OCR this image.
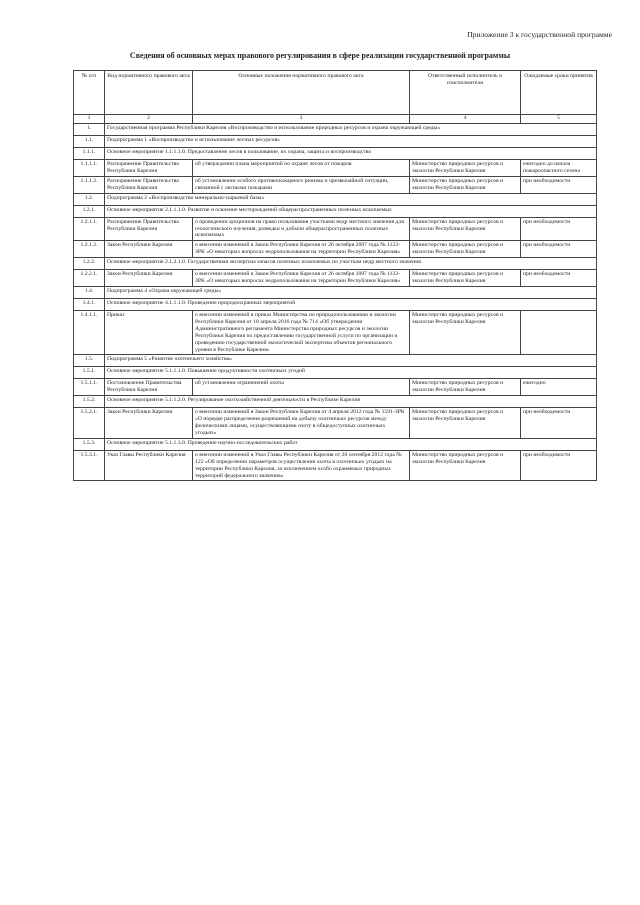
Приложение 3 к государственной программе
Сведения об основных мерах правового регулирования в сфере реализации государственной программы
№ п/п	Вид нормативного правового акта	Основные положения нормативного правового акта	Ответственный исполнитель и соисполнители	Ожидаемые сроки принятия
1	2	3	4	5
1.	Государственная программа Республики Карелия «Воспроизводство и использование природных ресурсов и охрана окружающей среды»			
1.1.	Подпрограмма 1 «Воспроизводство и использование лесных ресурсов»			
1.1.1.	Основное мероприятие 1.1.1.1.0. Предоставление лесов в пользование, их охрана, защита и воспроизводство			
1.1.1.1.	Распоряжение Правительства Республики Карелия	об утверждении плана мероприятий по охране лесов от пожаров	Министерство природных ресурсов и экологии Республики Карелия	ежегодно до начала пожароопасного сезона
1.1.1.2.	Распоряжение Правительства Республики Карелия	об установлении особого противопожарного режима и чрезвычайной ситуации, связанной с лесными пожарами	Министерство природных ресурсов и экологии Республики Карелия	при необходимости
1.2.	Подпрограмма 2 «Воспроизводство минерально-сырьевой базы»			
1.2.1.	Основное мероприятие 2.1.1.1.0. Развитие и освоение месторождений общераспространенных полезных ископаемых			
1.2.1.1.	Распоряжение Правительства Республики Карелия	о проведении аукционов на право пользования участками недр местного значения для геологического изучения, разведки и добычи общераспространенных полезных ископаемых	Министерство природных ресурсов и экологии Республики Карелия	при необходимости
1.2.1.2.	Закон Республики Карелия	о внесении изменений в Закон Республики Карелия от 26 октября 2007 года № 1122-ЗРК «О некоторых вопросах недропользования на территории Республики Карелия»	Министерство природных ресурсов и экологии Республики Карелия	при необходимости
1.2.2.	Основное мероприятие 2.1.2.1.0. Государственная экспертиза запасов полезных ископаемых по участкам недр местного значения			
1.2.2.1.	Закон Республики Карелия	о внесении изменений в Закон Республики Карелия от 26 октября 2007 года № 1122-ЗРК «О некоторых вопросах недропользования на территории Республики Карелия»	Министерство природных ресурсов и экологии Республики Карелия	при необходимости
1.4.	Подпрограмма 4 «Охрана окружающей среды»			
1.4.1.	Основное мероприятие 4.1.1.1.0. Проведение природоохранных мероприятий			
1.4.1.1.	Приказ	о внесении изменений в приказ Министерства по природопользованию и экологии Республики Карелия от 18 апреля 2016 года № 714 «Об утверждении Административного регламента Министерства природных ресурсов и экологии Республики Карелия по предоставлению государственной услуги по организации и проведению государственной экологической экспертизы объектов регионального уровня в Республике Карелия»	Министерство природных ресурсов и экологии Республики Карелия	
1.5.	Подпрограмма 5 «Развитие охотничьего хозяйства»			
1.5.1.	Основное мероприятие 5.1.1.1.0. Повышение продуктивности охотничьих угодий			
1.5.1.1.	Постановление Правительства Республики Карелия	об установлении ограничений охоты	Министерство природных ресурсов и экологии Республики Карелия	ежегодно
1.5.2.	Основное мероприятие 5.1.1.2.0. Регулирование охотхозяйственной деятельности в Республике Карелия			
1.5.2.1.	Закон Республики Карелия	о внесении изменений в Закон Республики Карелия от 4 апреля 2012 года № 1591-ЗРК «О порядке распределения разрешений на добычу охотничьих ресурсов между физическими лицами, осуществляющими охоту в общедоступных охотничьих угодьях»	Министерство природных ресурсов и экологии Республики Карелия	при необходимости
1.5.3.	Основное мероприятие 5.1.1.3.0. Проведение научно-исследовательских работ			
1.5.3.1.	Указ Главы Республики Карелия	о внесении изменений в Указ Главы Республики Карелия от 20 сентября 2012 года № 122 «Об определении параметров осуществления охоты в охотничьих угодьях на территории Республики Карелия, за исключением особо охраняемых природных территорий федерального значения»	Министерство природных ресурсов и экологии Республики Карелия	при необходимости
